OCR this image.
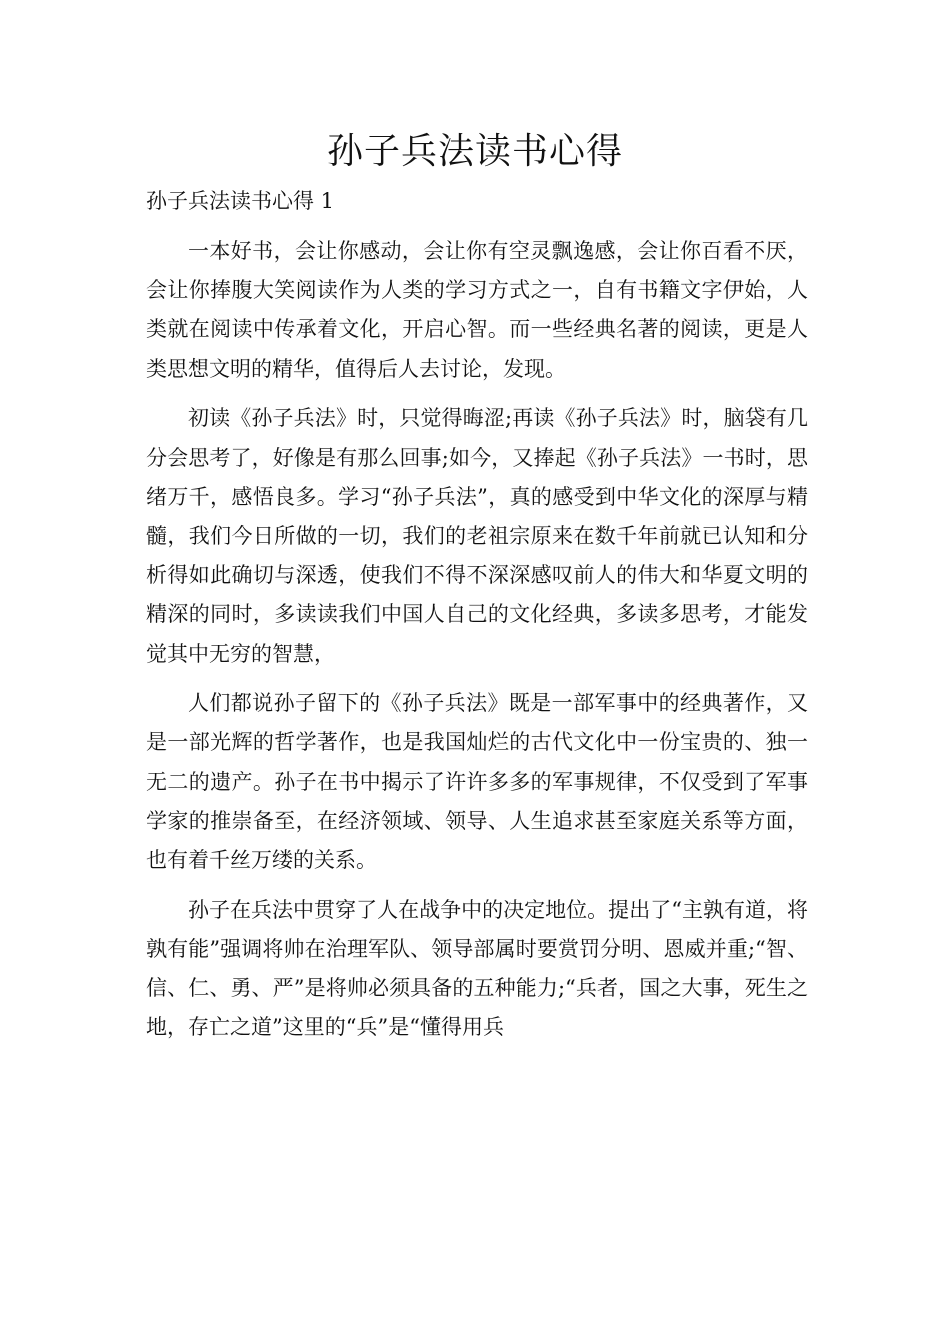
孙子兵法读书心得

孙子兵法读书心得 1

一本好书，会让你感动，会让你有空灵飘逸感，会让你百看不厌，会让你捧腹大笑阅读作为人类的学习方式之一，自有书籍文字伊始，人类就在阅读中传承着文化，开启心智。而一些经典名著的阅读，更是人类思想文明的精华，值得后人去讨论，发现。

初读《孙子兵法》时，只觉得晦涩;再读《孙子兵法》时，脑袋有几分会思考了，好像是有那么回事;如今，又捧起《孙子兵法》一书时，思绪万千，感悟良多。学习“孙子兵法”，真的感受到中华文化的深厚与精髓，我们今日所做的一切，我们的老祖宗原来在数千年前就已认知和分析得如此确切与深透，使我们不得不深深感叹前人的伟大和华夏文明的精深的同时，多读读我们中国人自己的文化经典，多读多思考，才能发觉其中无穷的智慧，

人们都说孙子留下的《孙子兵法》既是一部军事中的经典著作，又是一部光辉的哲学著作，也是我国灿烂的古代文化中一份宝贵的、独一无二的遗产。孙子在书中揭示了许许多多的军事规律，不仅受到了军事学家的推崇备至，在经济领域、领导、人生追求甚至家庭关系等方面，也有着千丝万缕的关系。

孙子在兵法中贯穿了人在战争中的决定地位。提出了“主孰有道，将孰有能”强调将帅在治理军队、领导部属时要赏罚分明、恩威并重;“智、信、仁、勇、严”是将帅必须具备的五种能力;“兵者，国之大事，死生之地，存亡之道”这里的“兵”是“懂得用兵
